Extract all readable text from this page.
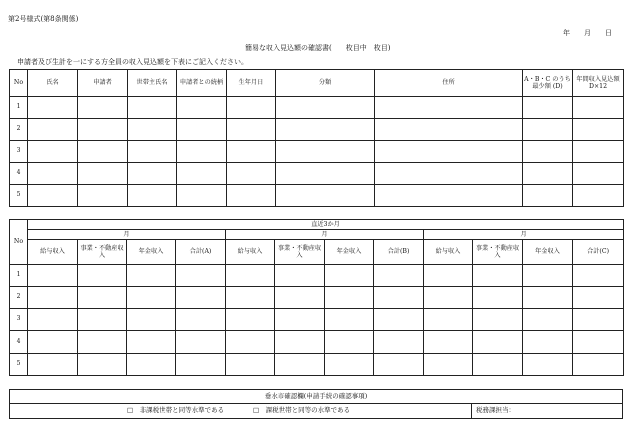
第2号様式(第8条関係)
年　　月　　日
簡易な収入見込額の確認書(　　枚目中　枚目)
申請者及び生計を一にする方全員の収入見込額を下表にご記入ください。
No	氏名	申請者	世帯主氏名	申請者との続柄	生年月日	分類	住所	A・B・C のうち最少額 (D)	年間収入見込額 D×12
1									
2									
3									
4									
5									
No	直近3か月											
	月				月				月			
	給与収入	事業・不動産収入	年金収入	合計(A)	給与収入	事業・不動産収入	年金収入	合計(B)	給与収入	事業・不動産収入	年金収入	合計(C)
1												
2												
3												
4												
5												
垂水市確認欄(申請手続の確認事項)
□　非課税世帯と同等水準である	□　課税世帯と同等の水準である	税務課担当：
